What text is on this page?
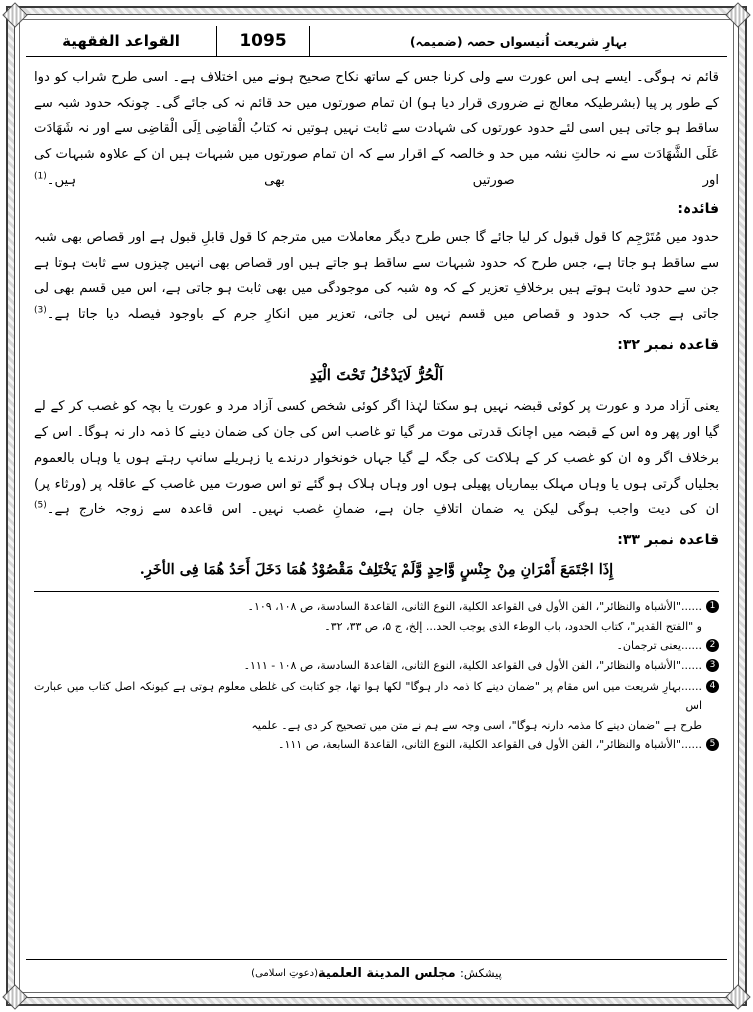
بہارِ شریعت اُنیسواں حصہ (ضمیمہ)
1095
القواعد الفقهية

قائم نہ ہوگی۔ ایسے ہی اس عورت سے ولی کرنا جس کے ساتھ نکاح صحیح ہونے میں اختلاف ہے۔ اسی طرح شراب کو دوا کے طور پر پیا (بشرطیکہ معالج نے ضروری قرار دیا ہو) ان تمام صورتوں میں حد قائم نہ کی جائے گی۔ چونکہ حدود شبہ سے ساقط ہو جاتی ہیں اسی لئے حدود عورتوں کی شہادت سے ثابت نہیں ہوتیں نہ کتابُ الْقاضِی اِلَی الْقاضِی سے اور نہ شَهَادَت عَلَی الشَّهَادَت سے نہ حالتِ نشہ میں حد و خالصہ کے اقرار سے کہ ان تمام صورتوں میں شبہات ہیں ان کے علاوہ شبہات کی اور صورتیں بھی ہیں۔$^{(1)}$

فائدہ:

حدود میں مُتَرْجِم کا قول قبول کر لیا جائے گا جس طرح دیگر معاملات میں مترجم کا قول قابلِ قبول ہے اور قصاص بھی شبہ سے ساقط ہو جاتا ہے، جس طرح کہ حدود شبہات سے ساقط ہو جاتے ہیں اور قصاص بھی انہیں چیزوں سے ثابت ہوتا ہے جن سے حدود ثابت ہوتے ہیں برخلافِ تعزیر کے کہ وہ شبہ کی موجودگی میں بھی ثابت ہو جاتی ہے، اس میں قسم بھی لی جاتی ہے جب کہ حدود و قصاص میں قسم نہیں لی جاتی، تعزیر میں انکارِ جرم کے باوجود فیصلہ دیا جاتا ہے۔$^{(3)}$

قاعدہ نمبر ۳۲:

اَلْحُرُّ لَايَدْخُلُ تَحْتَ الْيَدِ

یعنی آزاد مرد و عورت پر کوئی قبضہ نہیں ہو سکتا لہٰذا اگر کوئی شخص کسی آزاد مرد و عورت یا بچہ کو غصب کر کے لے گیا اور پھر وہ اس کے قبضہ میں اچانک قدرتی موت مر گیا تو غاصب اس کی جان کی ضمان دینے کا ذمہ دار نہ ہوگا۔ اس کے برخلاف اگر وہ ان کو غصب کر کے ہلاکت کی جگہ لے گیا جہاں خونخوار درندے یا زہریلے سانپ رہتے ہوں یا وہاں بالعموم بجلیاں گرتی ہوں یا وہاں مہلک بیماریاں پھیلی ہوں اور وہاں ہلاک ہو گئے تو اس صورت میں غاصب کے عاقلہ پر (ورثاء پر) ان کی دیت واجب ہوگی لیکن یہ ضمان اتلافِ جان ہے، ضمانِ غصب نہیں۔ اس قاعدہ سے زوجہ خارج ہے۔$^{(5)}$

قاعدہ نمبر ۳۳:

إِذَا اجْتَمَعَ أَمْرَانِ مِنْ جِنْسٍ وَّاحِدٍ وَّلَمْ يَخْتَلِفْ مَقْصُوْدُ هُمَا دَخَلَ أَحَدُ هُمَا فِى الأخَرِ.

1
......"الأشباہ والنظائر"، الفن الأول فی القواعد الکلیة، النوع الثانی، القاعدۃ السادسة، ص ۱۰۸، ۱۰۹۔
و "الفتح القدیر"، کتاب الحدود، باب الوطء الذی یوجب الحد... إلخ، ج ۵، ص ۳۳، ۳۲۔
2
......یعنی ترجمان۔
3
......"الأشباہ والنظائر"، الفن الأول فی القواعد الکلیة، النوع الثانی، القاعدۃ السادسة، ص ۱۰۸ - ۱۱۱۔
4
......بہارِ شریعت میں اس مقام پر "ضمان دینے کا ذمہ دار ہوگا" لکھا ہوا تھا، جو کتابت کی غلطی معلوم ہوتی ہے کیونکہ اصل کتاب میں عبارت اس
طرح ہے "ضمان دینے کا مذمہ دارنہ ہوگا"، اسی وجہ سے ہم نے متن میں تصحیح کر دی ہے۔ علمیہ
5
......"الأشباہ والنظائر"، الفن الأول فی القواعد الکلیة، النوع الثانی، القاعدۃ السابعة، ص ۱۱۱۔
پیشکش:

مجلس المدينة العلمية
(دعوتِ اسلامی)
